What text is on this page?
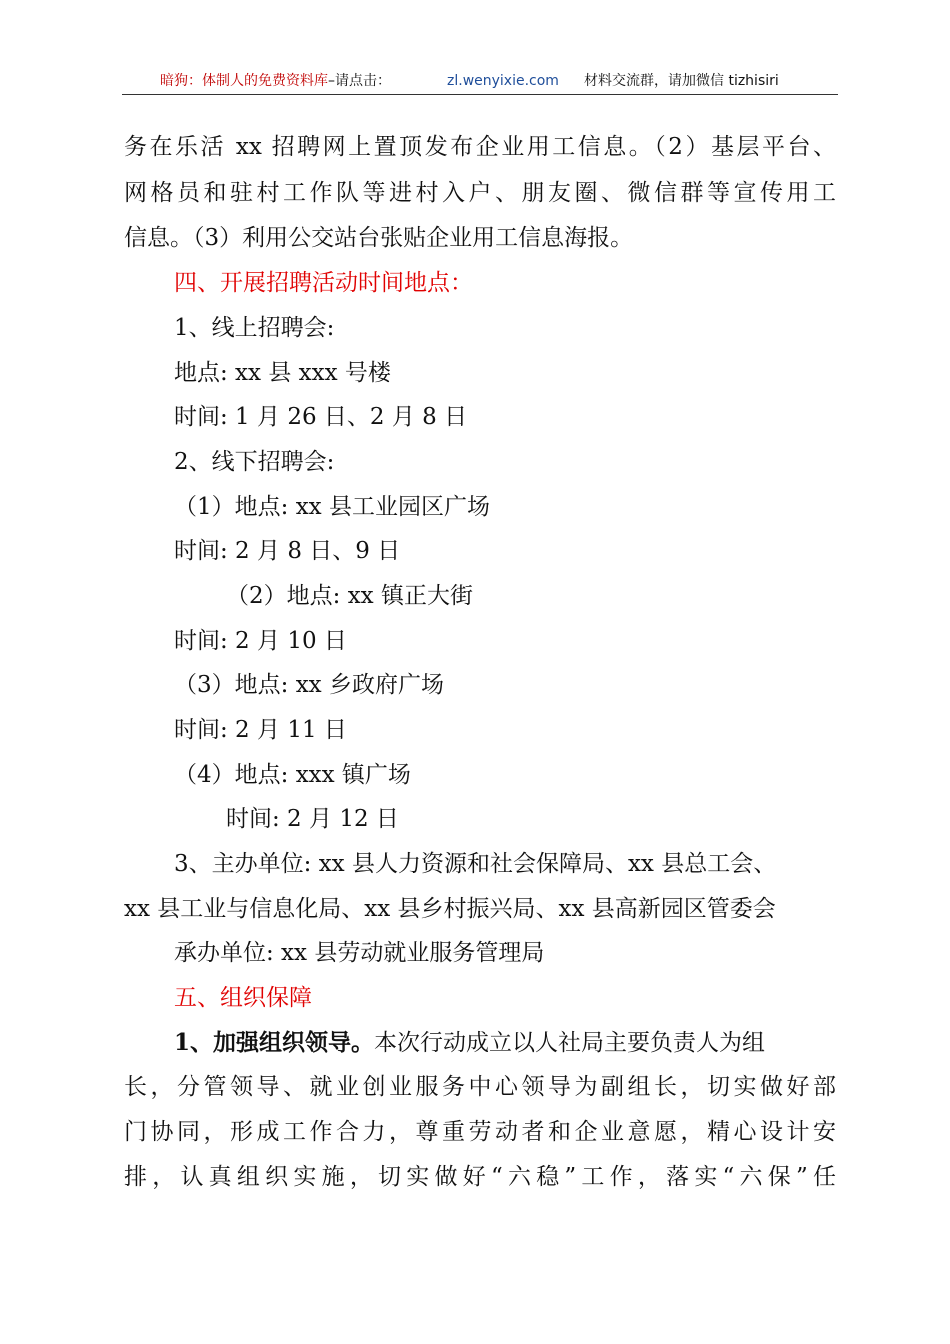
暗狗：体制人的免费资料库–请点击：	zl.wenyixie.com 材料交流群，请加微信 tizhisiri
务在乐活 xx 招聘网上置顶发布企业用工信息。（2）基层平台、
网格员和驻村工作队等进村入户、朋友圈、微信群等宣传用工
信息。（3）利用公交站台张贴企业用工信息海报。
四、开展招聘活动时间地点：
1、线上招聘会:
地点: xx 县 xxx 号楼
时间: 1 月 26 日、2 月 8 日
2、线下招聘会:
（1）地点: xx 县工业园区广场
时间: 2 月 8 日、9 日
（2）地点: xx 镇正大街
时间: 2 月 10 日
（3）地点: xx 乡政府广场
时间: 2 月 11 日
（4）地点: xxx 镇广场
时间: 2 月 12 日
3、主办单位: xx 县人力资源和社会保障局、xx 县总工会、
xx 县工业与信息化局、xx 县乡村振兴局、xx 县高新园区管委会
承办单位: xx 县劳动就业服务管理局
五、组织保障
1、加强组织领导。本次行动成立以人社局主要负责人为组
长，分管领导、就业创业服务中心领导为副组长，切实做好部
门协同，形成工作合力，尊重劳动者和企业意愿，精心设计安
排，认真组织实施，切实做好“六稳”工作，落实“六保”任
